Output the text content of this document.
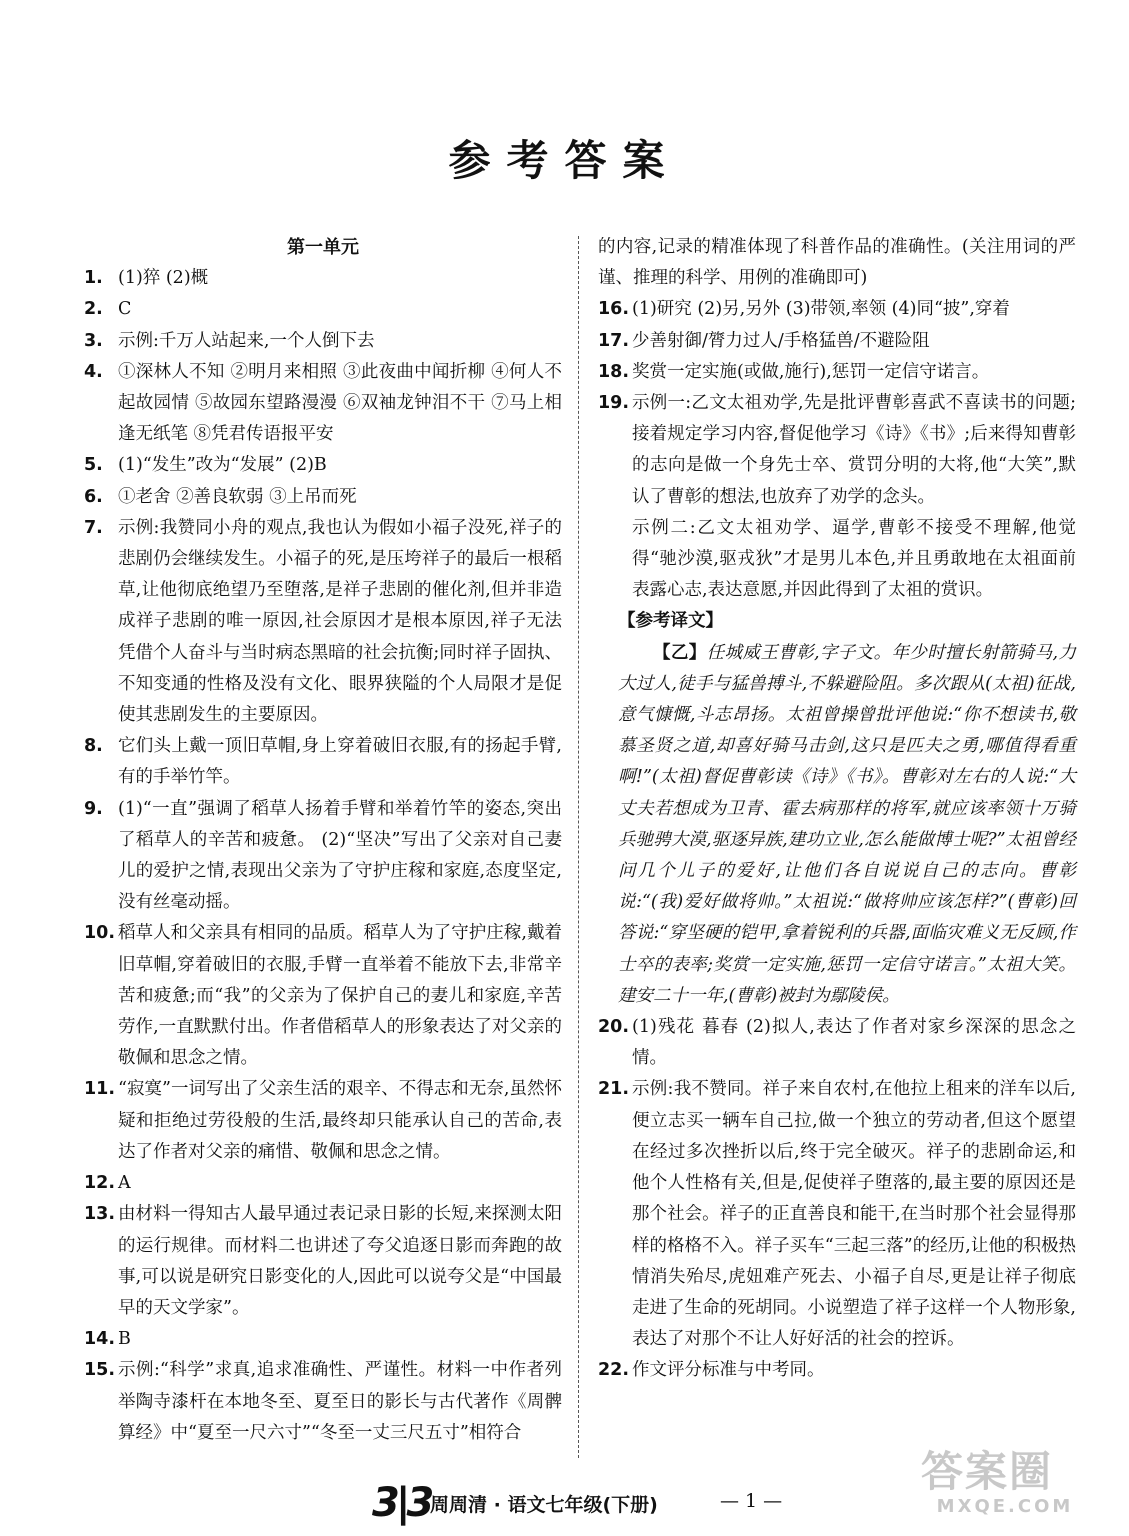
参考答案
第一单元
1. (1)猝 (2)概
2. C
3. 示例:千万人站起来,一个人倒下去
4. ①深林人不知 ②明月来相照 ③此夜曲中闻折柳 ④何人不起故园情 ⑤故园东望路漫漫 ⑥双袖龙钟泪不干 ⑦马上相逢无纸笔 ⑧凭君传语报平安
5. (1)“发生”改为“发展” (2)B
6. ①老舍 ②善良软弱 ③上吊而死
7. 示例:我赞同小舟的观点,我也认为假如小福子没死,祥子的悲剧仍会继续发生。小福子的死,是压垮祥子的最后一根稻草,让他彻底绝望乃至堕落,是祥子悲剧的催化剂,但并非造成祥子悲剧的唯一原因,社会原因才是根本原因,祥子无法凭借个人奋斗与当时病态黑暗的社会抗衡;同时祥子固执、不知变通的性格及没有文化、眼界狭隘的个人局限才是促使其悲剧发生的主要原因。
8. 它们头上戴一顶旧草帽,身上穿着破旧衣服,有的扬起手臂,有的手举竹竿。
9. (1)“一直”强调了稻草人扬着手臂和举着竹竿的姿态,突出了稻草人的辛苦和疲惫。 (2)“坚决”写出了父亲对自己妻儿的爱护之情,表现出父亲为了守护庄稼和家庭,态度坚定,没有丝毫动摇。
10. 稻草人和父亲具有相同的品质。稻草人为了守护庄稼,戴着旧草帽,穿着破旧的衣服,手臂一直举着不能放下去,非常辛苦和疲惫;而“我”的父亲为了保护自己的妻儿和家庭,辛苦劳作,一直默默付出。作者借稻草人的形象表达了对父亲的敬佩和思念之情。
11. “寂寞”一词写出了父亲生活的艰辛、不得志和无奈,虽然怀疑和拒绝过劳役般的生活,最终却只能承认自己的苦命,表达了作者对父亲的痛惜、敬佩和思念之情。
12. A
13. 由材料一得知古人最早通过表记录日影的长短,来探测太阳的运行规律。而材料二也讲述了夸父追逐日影而奔跑的故事,可以说是研究日影变化的人,因此可以说夸父是“中国最早的天文学家”。
14. B
15. 示例:“科学”求真,追求准确性、严谨性。材料一中作者列举陶寺漆杆在本地冬至、夏至日的影长与古代著作《周髀算经》中“夏至一尺六寸”“冬至一丈三尺五寸”相符合
的内容,记录的精准体现了科普作品的准确性。(关注用词的严谨、推理的科学、用例的准确即可)
16. (1)研究 (2)另,另外 (3)带领,率领 (4)同“披”,穿着
17. 少善射御/膂力过人/手格猛兽/不避险阻
18. 奖赏一定实施(或做,施行),惩罚一定信守诺言。
19. 示例一:乙文太祖劝学,先是批评曹彰喜武不喜读书的问题;接着规定学习内容,督促他学习《诗》《书》;后来得知曹彰的志向是做一个身先士卒、赏罚分明的大将,他“大笑”,默认了曹彰的想法,也放弃了劝学的念头。
示例二:乙文太祖劝学、逼学,曹彰不接受不理解,他觉得“驰沙漠,驱戎狄”才是男儿本色,并且勇敢地在太祖面前表露心志,表达意愿,并因此得到了太祖的赏识。
【参考译文】
【乙】任城威王曹彰,字子文。年少时擅长射箭骑马,力大过人,徒手与猛兽搏斗,不躲避险阻。多次跟从(太祖)征战,意气慷慨,斗志昂扬。太祖曾操曾批评他说:“你不想读书,敬慕圣贤之道,却喜好骑马击剑,这只是匹夫之勇,哪值得看重啊!”(太祖)督促曹彰读《诗》《书》。曹彰对左右的人说:“大丈夫若想成为卫青、霍去病那样的将军,就应该率领十万骑兵驰骋大漠,驱逐异族,建功立业,怎么能做博士呢?”太祖曾经问几个儿子的爱好,让他们各自说说自己的志向。曹彰说:“(我)爱好做将帅。”太祖说:“做将帅应该怎样?”(曹彰)回答说:“穿坚硬的铠甲,拿着锐利的兵器,面临灾难义无反顾,作士卒的表率;奖赏一定实施,惩罚一定信守诺言。”太祖大笑。建安二十一年,(曹彰)被封为鄢陵侯。
20. (1)残花 暮春 (2)拟人,表达了作者对家乡深深的思念之情。
21. 示例:我不赞同。祥子来自农村,在他拉上租来的洋车以后,便立志买一辆车自己拉,做一个独立的劳动者,但这个愿望在经过多次挫折以后,终于完全破灭。祥子的悲剧命运,和他个人性格有关,但是,促使祥子堕落的,最主要的原因还是那个社会。祥子的正直善良和能干,在当时那个社会显得那样的格格不入。祥子买车“三起三落”的经历,让他的积极热情消失殆尽,虎妞难产死去、小福子自尽,更是让祥子彻底走进了生命的死胡同。小说塑造了祥子这样一个人物形象,表达了对那个不让人好好活的社会的控诉。
22. 作文评分标准与中考同。
3|3 周周清 · 语文七年级(下册)	— 1 —
答案圈
MXQE.COM
